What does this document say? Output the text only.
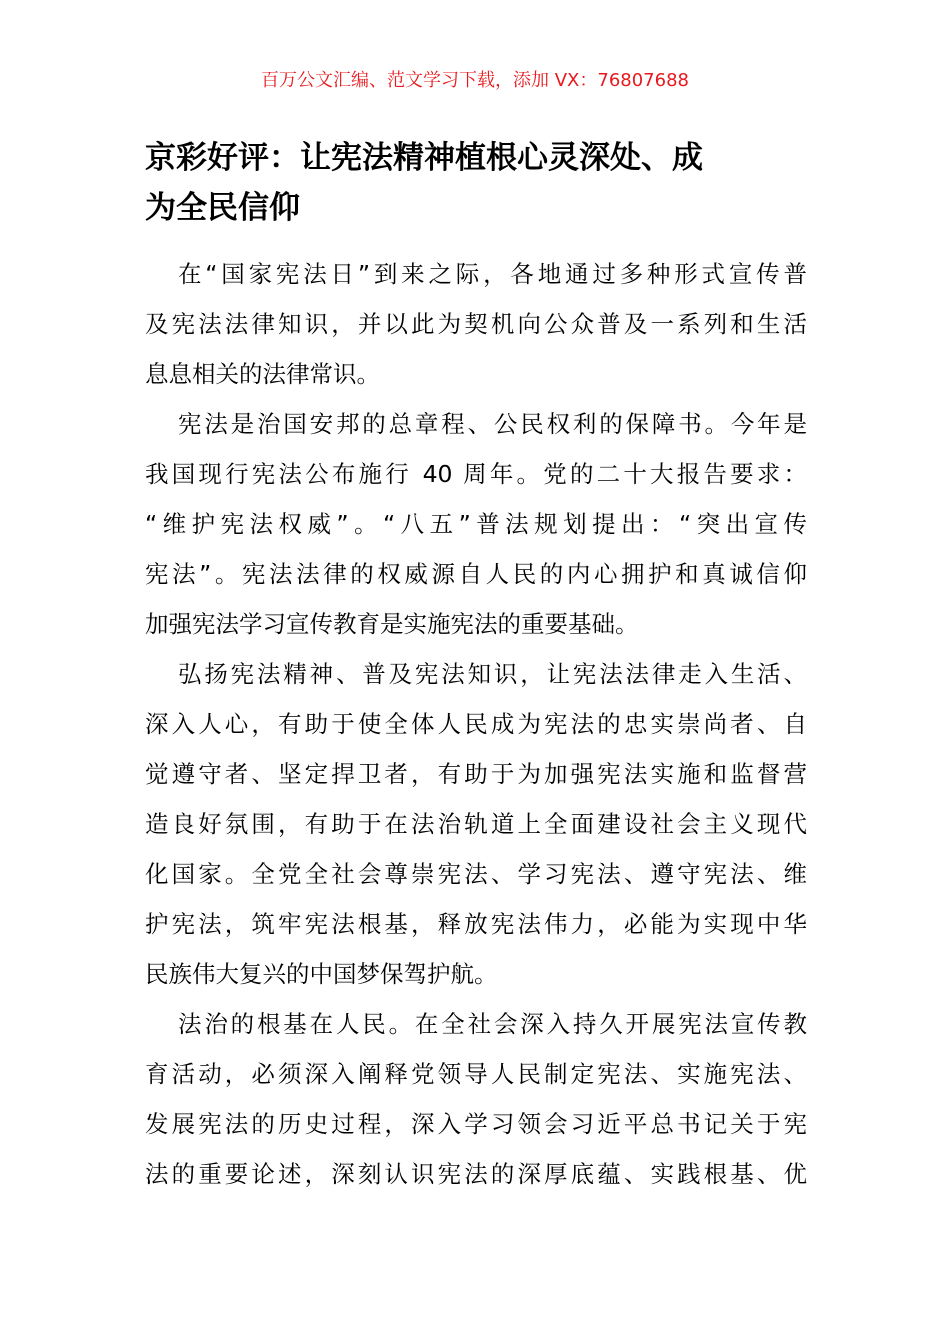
百万公文汇编、范文学习下载，添加 VX：76807688
京彩好评：让宪法精神植根心灵深处、成
为全民信仰
在“国家宪法日”到来之际，各地通过多种形式宣传普
及宪法法律知识，并以此为契机向公众普及一系列和生活
息息相关的法律常识。
宪法是治国安邦的总章程、公民权利的保障书。今年是
我国现行宪法公布施行 40 周年。党的二十大报告要求：
“维护宪法权威”。“八五”普法规划提出：“突出宣传
宪法”。宪法法律的权威源自人民的内心拥护和真诚信仰
加强宪法学习宣传教育是实施宪法的重要基础。
弘扬宪法精神、普及宪法知识，让宪法法律走入生活、
深入人心，有助于使全体人民成为宪法的忠实崇尚者、自
觉遵守者、坚定捍卫者，有助于为加强宪法实施和监督营
造良好氛围，有助于在法治轨道上全面建设社会主义现代
化国家。全党全社会尊崇宪法、学习宪法、遵守宪法、维
护宪法，筑牢宪法根基，释放宪法伟力，必能为实现中华
民族伟大复兴的中国梦保驾护航。
法治的根基在人民。在全社会深入持久开展宪法宣传教
育活动，必须深入阐释党领导人民制定宪法、实施宪法、
发展宪法的历史过程，深入学习领会习近平总书记关于宪
法的重要论述，深刻认识宪法的深厚底蕴、实践根基、优
